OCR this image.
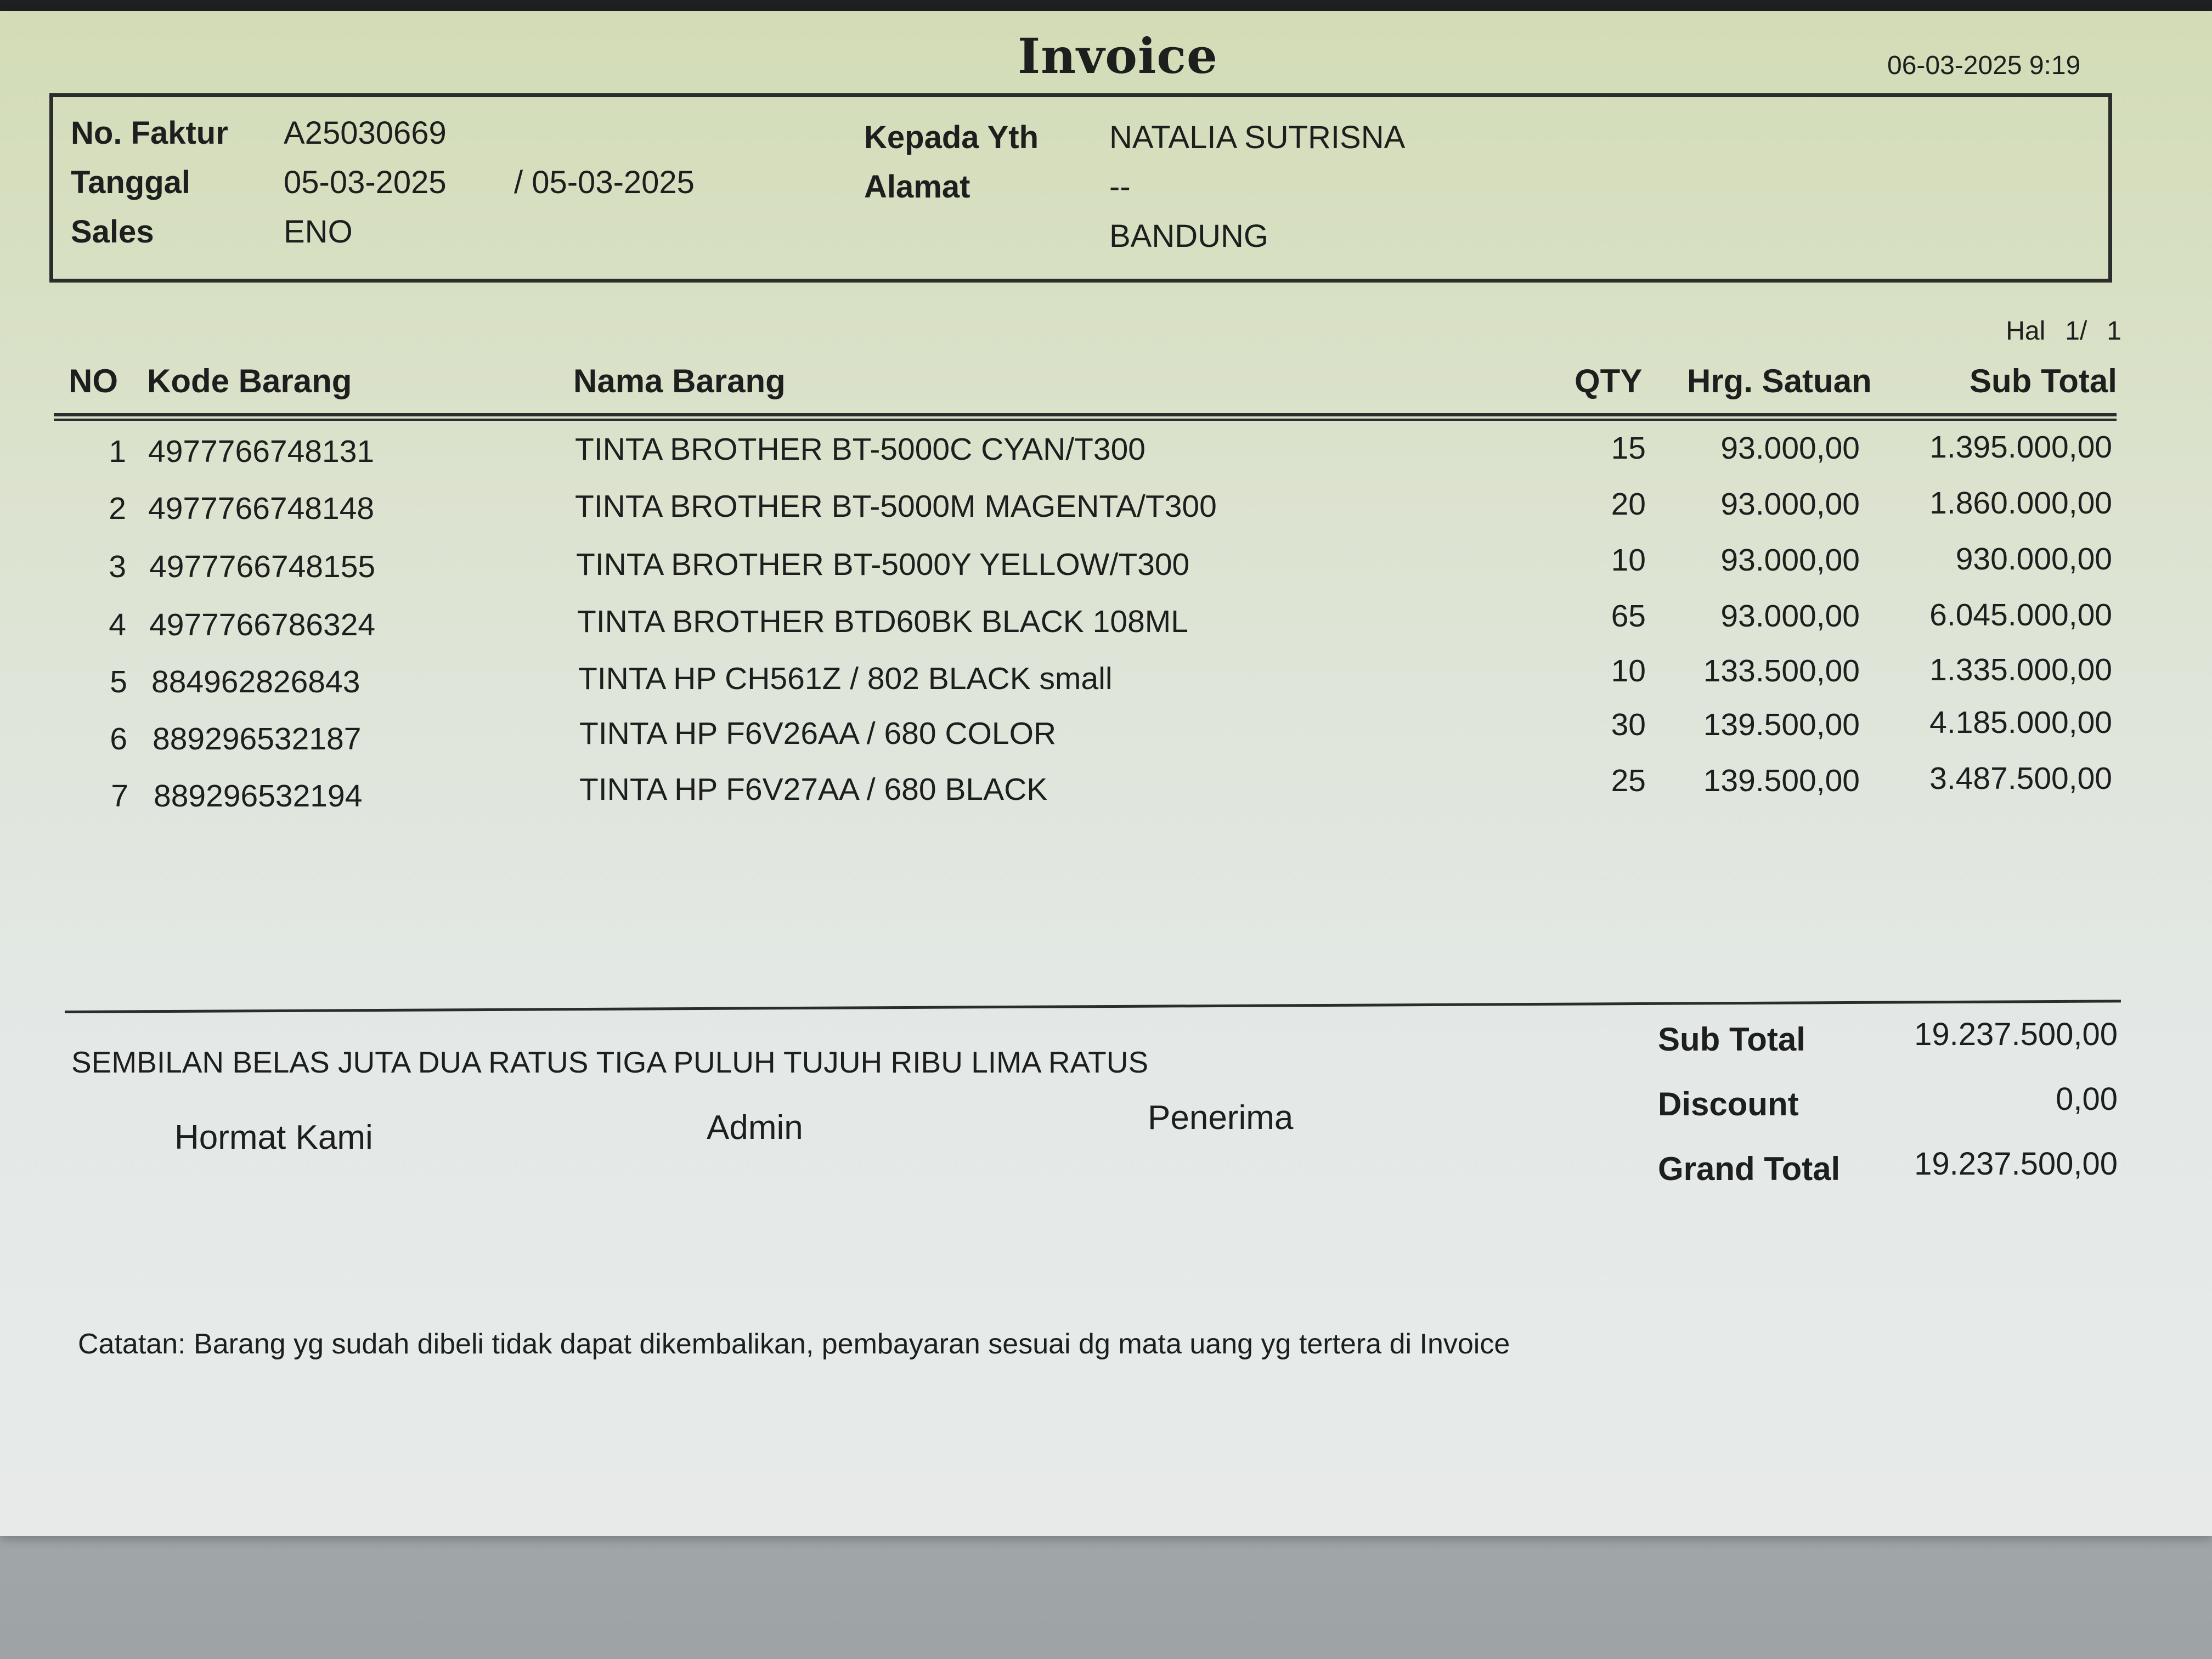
Invoice	06-03-2025 9:19
No. Faktur A25030669
Tanggal	05-03-2025 / 05-03-2025
Sales	ENO
Kepada Yth NATALIA SUTRISNA
Alamat	--
BANDUNG
Hal 1/ 1
NO Kode Barang	Nama Barang	QTY Hrg. Satuan	Sub Total
1 4977766748131	TINTA BROTHER BT-5000C CYAN/T300	15	93.000,00	1.395.000,00
2 4977766748148	TINTA BROTHER BT-5000M MAGENTA/T300	20	93.000,00	1.860.000,00
3 4977766748155	TINTA BROTHER BT-5000Y YELLOW/T300	10	93.000,00	930.000,00
4 4977766786324	TINTA BROTHER BTD60BK BLACK 108ML	65	93.000,00	6.045.000,00
5 884962826843	TINTA HP CH561Z / 802 BLACK small	10	133.500,00	1.335.000,00
6 889296532187	TINTA HP F6V26AA / 680 COLOR	30	139.500,00	4.185.000,00
7 889296532194	TINTA HP F6V27AA / 680 BLACK	25	139.500,00	3.487.500,00
SEMBILAN BELAS JUTA DUA RATUS TIGA PULUH TUJUH RIBU LIMA RATUS
Hormat Kami	Admin	Penerima
Sub Total	19.237.500,00
Discount	0,00
Grand Total	19.237.500,00
Catatan: Barang yg sudah dibeli tidak dapat dikembalikan, pembayaran sesuai dg mata uang yg tertera di Invoice
